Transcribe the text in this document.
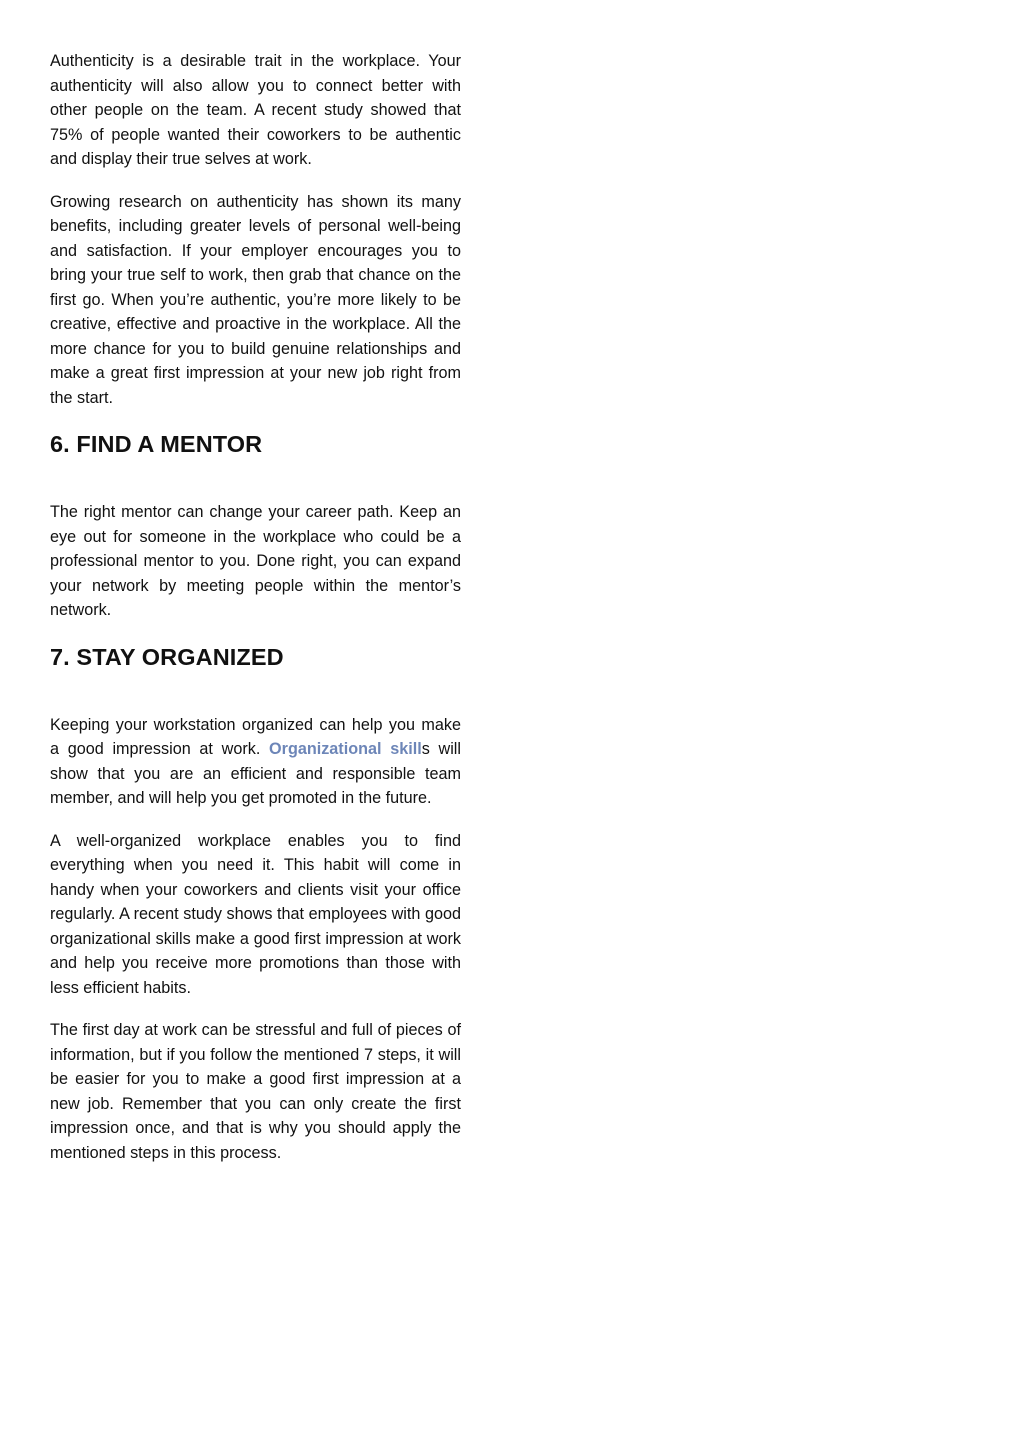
Authenticity is a desirable trait in the workplace. Your authenticity will also allow you to connect better with other people on the team. A recent study showed that 75% of people wanted their coworkers to be authentic and display their true selves at work.

Growing research on authenticity has shown its many benefits, including greater levels of personal well-being and satisfaction. If your employer encourages you to bring your true self to work, then grab that chance on the first go. When you’re authentic, you’re more likely to be creative, effective and proactive in the workplace. All the more chance for you to build genuine relationships and make a great first impression at your new job right from the start.

6. FIND A MENTOR

The right mentor can change your career path. Keep an eye out for someone in the workplace who could be a professional mentor to you. Done right, you can expand your network by meeting people within the mentor’s network.

7. STAY ORGANIZED

Keeping your workstation organized can help you make a good impression at work. Organizational skills will show that you are an efficient and responsible team member, and will help you get promoted in the future.

A well-organized workplace enables you to find everything when you need it. This habit will come in handy when your coworkers and clients visit your office regularly. A recent study shows that employees with good organizational skills make a good first impression at work and help you receive more promotions than those with less efficient habits.

The first day at work can be stressful and full of pieces of information, but if you follow the mentioned 7 steps, it will be easier for you to make a good first impression at a new job. Remember that you can only create the first impression once, and that is why you should apply the mentioned steps in this process.
